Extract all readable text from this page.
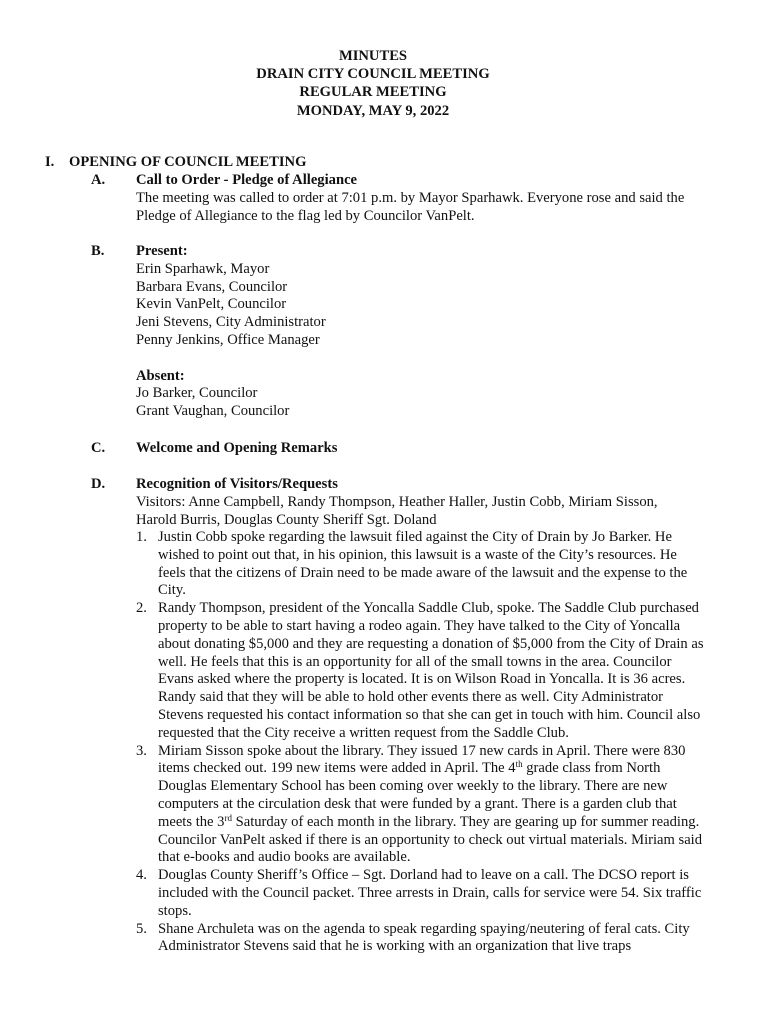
MINUTES
DRAIN CITY COUNCIL MEETING
REGULAR MEETING
MONDAY, MAY 9, 2022
I. OPENING OF COUNCIL MEETING
A. Call to Order - Pledge of Allegiance
The meeting was called to order at 7:01 p.m. by Mayor Sparhawk. Everyone rose and said the Pledge of Allegiance to the flag led by Councilor VanPelt.
B. Present:
Erin Sparhawk, Mayor
Barbara Evans, Councilor
Kevin VanPelt, Councilor
Jeni Stevens, City Administrator
Penny Jenkins, Office Manager
Absent:
Jo Barker, Councilor
Grant Vaughan, Councilor
C. Welcome and Opening Remarks
D. Recognition of Visitors/Requests
Visitors: Anne Campbell, Randy Thompson, Heather Haller, Justin Cobb, Miriam Sisson, Harold Burris, Douglas County Sheriff Sgt. Doland
1. Justin Cobb spoke regarding the lawsuit filed against the City of Drain by Jo Barker. He wished to point out that, in his opinion, this lawsuit is a waste of the City’s resources. He feels that the citizens of Drain need to be made aware of the lawsuit and the expense to the City.
2. Randy Thompson, president of the Yoncalla Saddle Club, spoke. The Saddle Club purchased property to be able to start having a rodeo again. They have talked to the City of Yoncalla about donating $5,000 and they are requesting a donation of $5,000 from the City of Drain as well. He feels that this is an opportunity for all of the small towns in the area. Councilor Evans asked where the property is located. It is on Wilson Road in Yoncalla. It is 36 acres. Randy said that they will be able to hold other events there as well. City Administrator Stevens requested his contact information so that she can get in touch with him. Council also requested that the City receive a written request from the Saddle Club.
3. Miriam Sisson spoke about the library. They issued 17 new cards in April. There were 830 items checked out. 199 new items were added in April. The 4th grade class from North Douglas Elementary School has been coming over weekly to the library. There are new computers at the circulation desk that were funded by a grant. There is a garden club that meets the 3rd Saturday of each month in the library. They are gearing up for summer reading. Councilor VanPelt asked if there is an opportunity to check out virtual materials. Miriam said that e-books and audio books are available.
4. Douglas County Sheriff’s Office – Sgt. Dorland had to leave on a call. The DCSO report is included with the Council packet. Three arrests in Drain, calls for service were 54. Six traffic stops.
5. Shane Archuleta was on the agenda to speak regarding spaying/neutering of feral cats. City Administrator Stevens said that he is working with an organization that live traps
